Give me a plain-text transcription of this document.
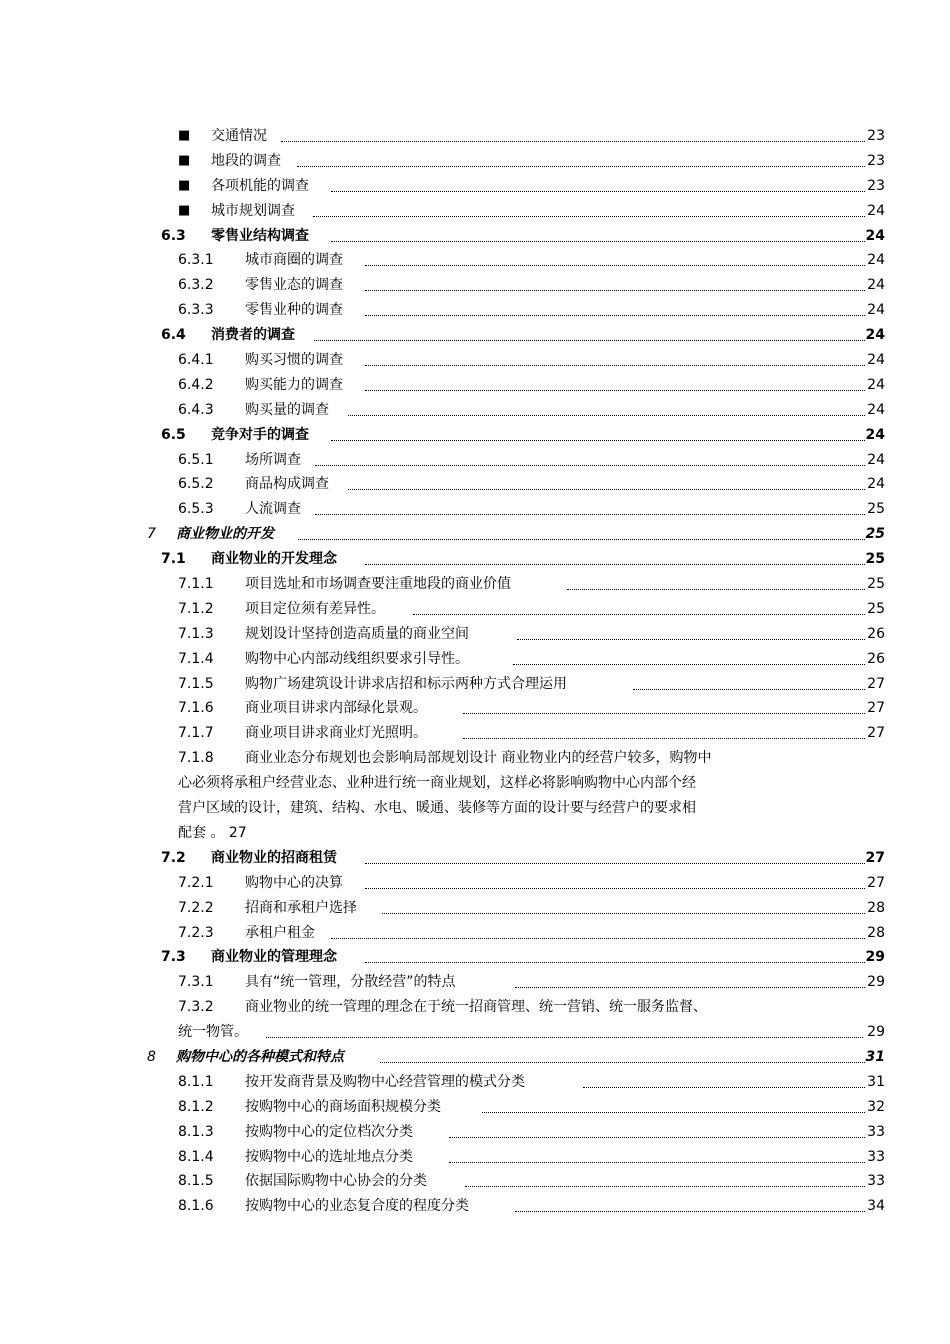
■ 交通情况	23
■ 地段的调查	23
■ 各项机能的调查	23
■ 城市规划调查	24
6.3 零售业结构调查	24
6.3.1 城市商圈的调查	24
6.3.2 零售业态的调查	24
6.3.3 零售业种的调查	24
6.4 消费者的调查	24
6.4.1 购买习惯的调查	24
6.4.2 购买能力的调查	24
6.4.3 购买量的调查	24
6.5 竞争对手的调查	24
6.5.1 场所调查	24
6.5.2 商品构成调查	24
6.5.3 人流调查	25
7 商业物业的开发	25
7.1 商业物业的开发理念	25
7.1.1 项目选址和市场调查要注重地段的商业价值	25
7.1.2 项目定位须有差异性。	25
7.1.3 规划设计坚持创造高质量的商业空间	26
7.1.4 购物中心内部动线组织要求引导性。	26
7.1.5 购物广场建筑设计讲求店招和标示两种方式合理运用	27
7.1.6 商业项目讲求内部绿化景观。	27
7.1.7 商业项目讲求商业灯光照明。	27
7.1.8 商业业态分布规划也会影响局部规划设计 商业物业内的经营户较多，购物中
心必须将承租户经营业态、业种进行统一商业规划，这样必将影响购物中心内部个经
营户区域的设计，建筑、结构、水电、暖通、装修等方面的设计要与经营户的要求相
配套 。 27
7.2 商业物业的招商租赁	27
7.2.1 购物中心的决算	27
7.2.2 招商和承租户选择	28
7.2.3 承租户租金	28
7.3 商业物业的管理理念	29
7.3.1 具有“统一管理，分散经营”的特点	29
7.3.2 商业物业的统一管理的理念在于统一招商管理、统一营销、统一服务监督、
统一物管。	29
8 购物中心的各种模式和特点	31
8.1.1 按开发商背景及购物中心经营管理的模式分类	31
8.1.2 按购物中心的商场面积规模分类	32
8.1.3 按购物中心的定位档次分类	33
8.1.4 按购物中心的选址地点分类	33
8.1.5 依据国际购物中心协会的分类	33
8.1.6 按购物中心的业态复合度的程度分类	34
